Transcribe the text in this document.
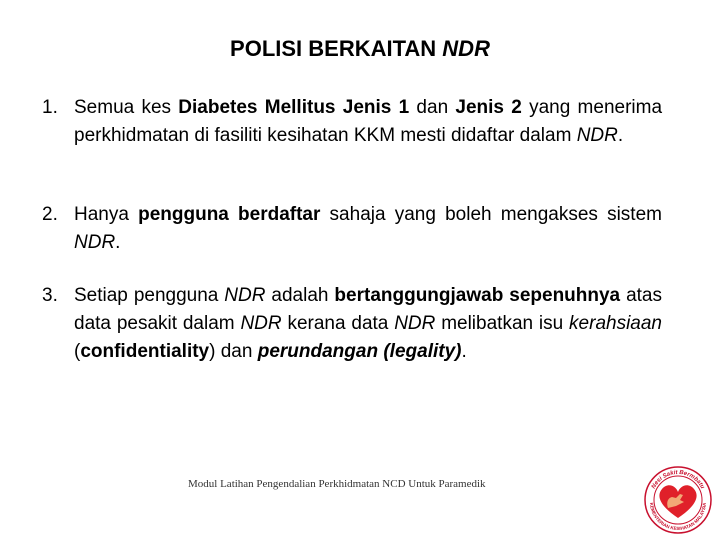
POLISI BERKAITAN NDR
1. Semua kes Diabetes Mellitus Jenis 1 dan Jenis 2 yang menerima perkhidmatan di fasiliti kesihatan KKM mesti didaftar dalam NDR.
2. Hanya pengguna berdaftar sahaja yang boleh mengakses sistem NDR.
3. Setiap pengguna NDR adalah bertanggungjawab sepenuhnya atas data pesakit dalam NDR kerana data NDR melibatkan isu kerahsiaan (confidentiality) dan perundangan (legality).
Modul Latihan Pengendalian Perkhidmatan NCD Untuk Paramedik	Nesi Sakit Bermbatu
KEMENTERIAN KESIHATAN MALAYSIA
